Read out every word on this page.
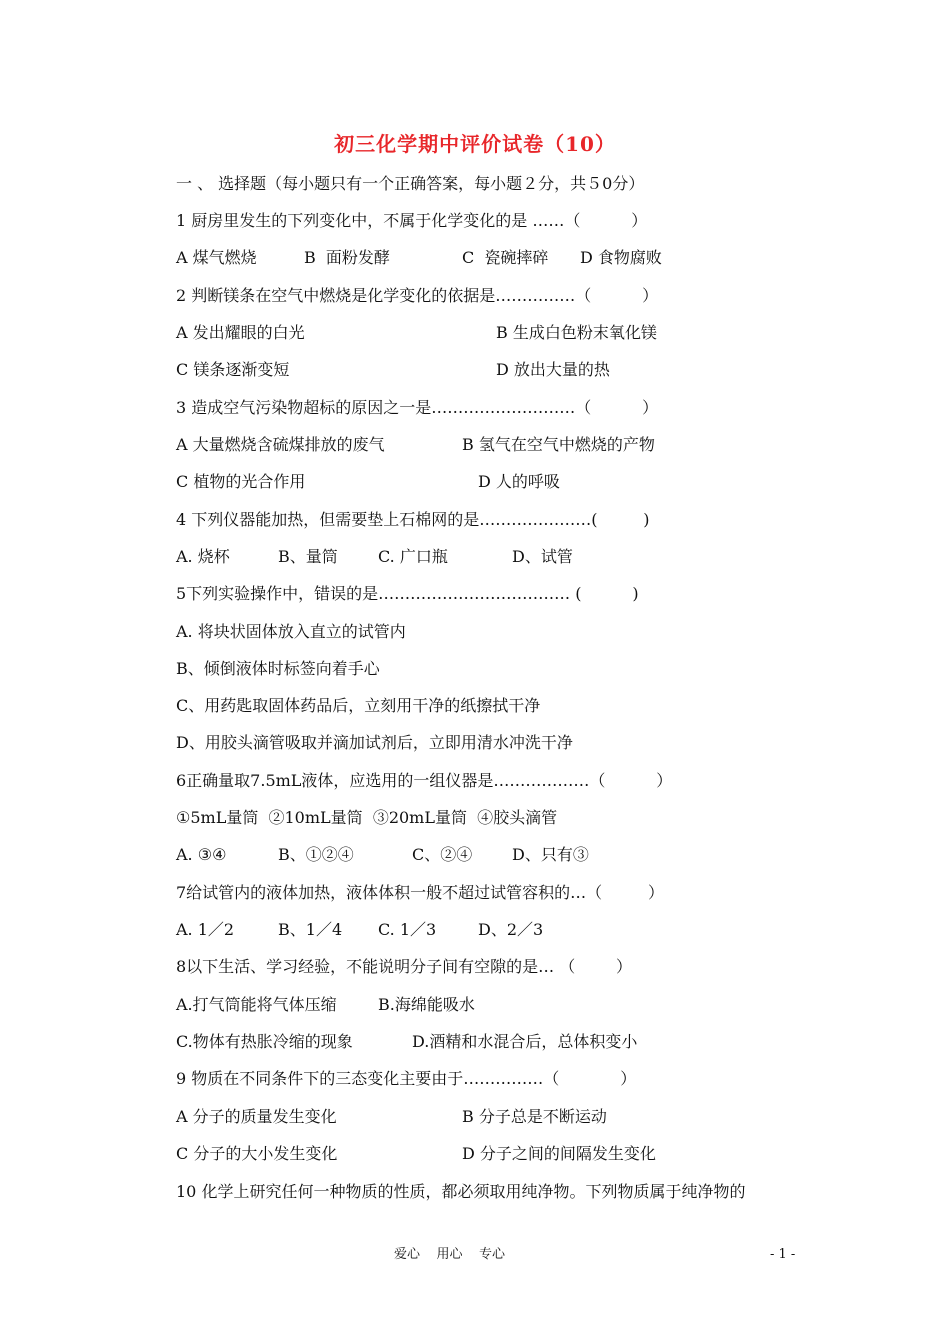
初三化学期中评价试卷（10）
一 、 选择题（每小题只有一个正确答案，每小题２分，共５0分）
1 厨房里发生的下列变化中，不属于化学变化的是 ……（          ）
A 煤气燃烧	B  面粉发酵	C  瓷碗摔碎 D 食物腐败
2 判断镁条在空气中燃烧是化学变化的依据是……………（          ）
A 发出耀眼的白光	B 生成白色粉末氧化镁
C 镁条逐渐变短	D 放出大量的热
3 造成空气污染物超标的原因之一是………………………（          ）
A 大量燃烧含硫煤排放的废气	B 氢气在空气中燃烧的产物
C 植物的光合作用	D 人的呼吸
4 下列仪器能加热，但需要垫上石棉网的是…………………(         )
A. 烧杯	B、量筒	C. 广口瓶	D、试管
5下列实验操作中，错误的是……………………………… (          )
A. 将块状固体放入直立的试管内
B、倾倒液体时标签向着手心
C、用药匙取固体药品后，立刻用干净的纸擦拭干净
D、用胶头滴管吸取并滴加试剂后，立即用清水冲洗干净
6正确量取7.5mL液体，应选用的一组仪器是………………（          ）
①5mL量筒  ②10mL量筒  ③20mL量筒  ④胶头滴管
A. ③④	B、①②④	C、②④ D、只有③
7给试管内的液体加热，液体体积一般不超过试管容积的…（         ）
A. 1／2	B、1／4 C. 1／3	D、2／3
8以下生活、学习经验，不能说明分子间有空隙的是… （        ）
A.打气筒能将气体压缩	B.海绵能吸水
C.物体有热胀冷缩的现象	D.酒精和水混合后，总体积变小
9 物质在不同条件下的三态变化主要由于……………（            ）
A 分子的质量发生变化	B 分子总是不断运动
C 分子的大小发生变化	D 分子之间的间隔发生变化
10 化学上研究任何一种物质的性质，都必须取用纯净物。下列物质属于纯净物的
爱心    用心    专心	- 1 -
